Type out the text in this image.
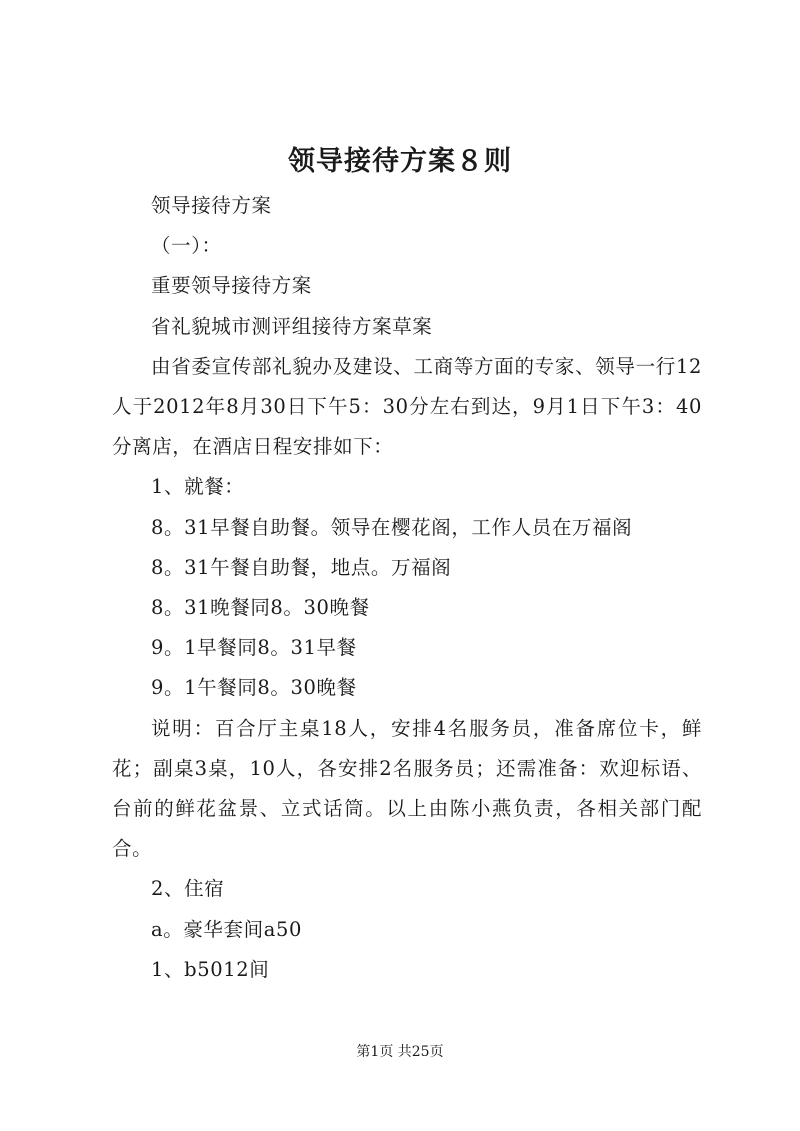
领导接待方案８则

领导接待方案

（一）：

重要领导接待方案

省礼貌城市测评组接待方案草案

由省委宣传部礼貌办及建设、工商等方面的专家、领导一行12人于2012年8月30日下午5：30分左右到达，9月1日下午3：40分离店，在酒店日程安排如下：

1、就餐：

8。31早餐自助餐。领导在樱花阁，工作人员在万福阁

8。31午餐自助餐，地点。万福阁

8。31晚餐同8。30晚餐

9。1早餐同8。31早餐

9。1午餐同8。30晚餐

说明：百合厅主桌18人，安排4名服务员，准备席位卡，鲜花；副桌3桌，10人，各安排2名服务员；还需准备：欢迎标语、台前的鲜花盆景、立式话筒。以上由陈小燕负责，各相关部门配合。

2、住宿

a。豪华套间a50

1、b5012间

第1页 共25页
